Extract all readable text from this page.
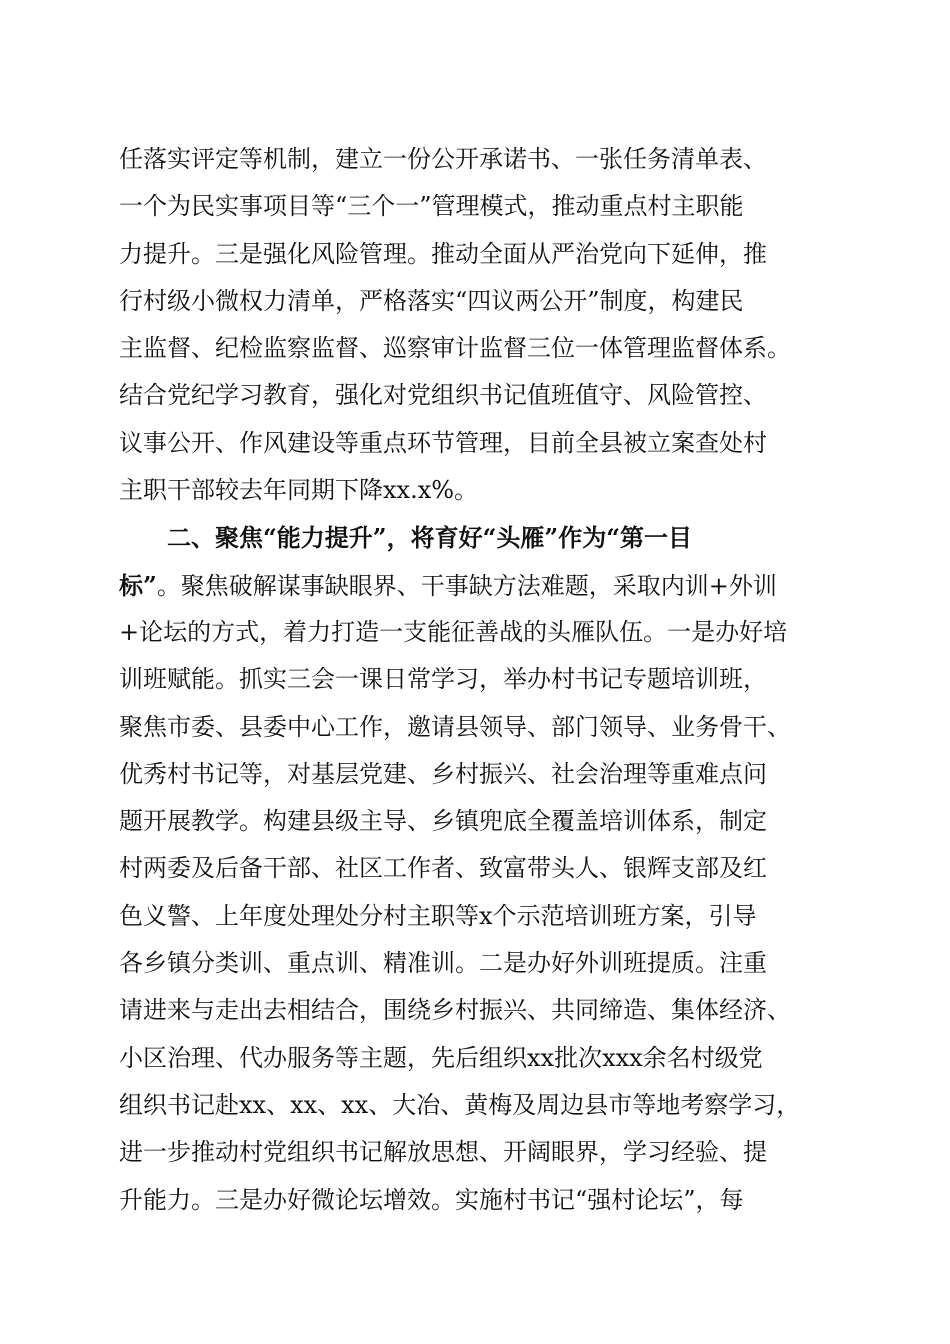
任落实评定等机制，建立一份公开承诺书、一张任务清单表、
一个为民实事项目等“三个一”管理模式，推动重点村主职能
力提升。三是强化风险管理。推动全面从严治党向下延伸，推
行村级小微权力清单，严格落实“四议两公开”制度，构建民
主监督、纪检监察监督、巡察审计监督三位一体管理监督体系。
结合党纪学习教育，强化对党组织书记值班值守、风险管控、
议事公开、作风建设等重点环节管理，目前全县被立案查处村
主职干部较去年同期下降xx.x%。
二、聚焦“能力提升”，将育好“头雁”作为“第一目
标”。聚焦破解谋事缺眼界、干事缺方法难题，采取内训+外训
+论坛的方式，着力打造一支能征善战的头雁队伍。一是办好培
训班赋能。抓实三会一课日常学习，举办村书记专题培训班，
聚焦市委、县委中心工作，邀请县领导、部门领导、业务骨干、
优秀村书记等，对基层党建、乡村振兴、社会治理等重难点问
题开展教学。构建县级主导、乡镇兜底全覆盖培训体系，制定
村两委及后备干部、社区工作者、致富带头人、银辉支部及红
色义警、上年度处理处分村主职等x个示范培训班方案，引导
各乡镇分类训、重点训、精准训。二是办好外训班提质。注重
请进来与走出去相结合，围绕乡村振兴、共同缔造、集体经济、
小区治理、代办服务等主题，先后组织xx批次xxx余名村级党
组织书记赴xx、xx、xx、大冶、黄梅及周边县市等地考察学习，
进一步推动村党组织书记解放思想、开阔眼界，学习经验、提
升能力。三是办好微论坛增效。实施村书记“强村论坛”，每
